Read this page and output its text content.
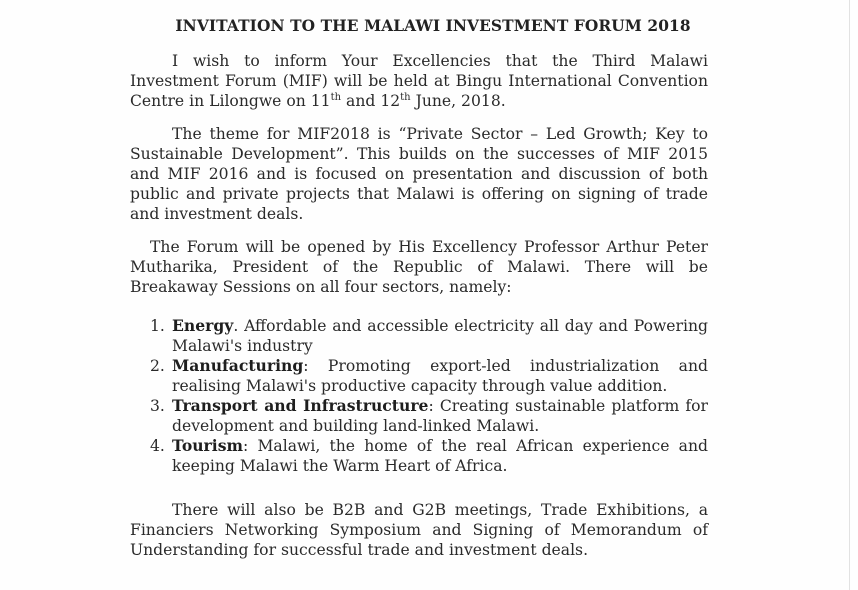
INVITATION TO THE MALAWI INVESTMENT FORUM 2018

I wish to inform Your Excellencies that the Third Malawi Investment Forum (MIF) will be held at Bingu International Convention Centre in Lilongwe on 11th and 12th June, 2018.

The theme for MIF2018 is “Private Sector – Led Growth; Key to Sustainable Development”. This builds on the successes of MIF 2015 and MIF 2016 and is focused on presentation and discussion of both public and private projects that Malawi is offering on signing of trade and investment deals.

The Forum will be opened by His Excellency Professor Arthur Peter Mutharika, President of the Republic of Malawi. There will be Breakaway Sessions on all four sectors, namely:

1. Energy. Affordable and accessible electricity all day and Powering Malawi's industry
2. Manufacturing: Promoting export-led industrialization and realising Malawi's productive capacity through value addition.
3. Transport and Infrastructure: Creating sustainable platform for development and building land-linked Malawi.
4. Tourism: Malawi, the home of the real African experience and keeping Malawi the Warm Heart of Africa.

There will also be B2B and G2B meetings, Trade Exhibitions, a Financiers Networking Symposium and Signing of Memorandum of Understanding for successful trade and investment deals.
